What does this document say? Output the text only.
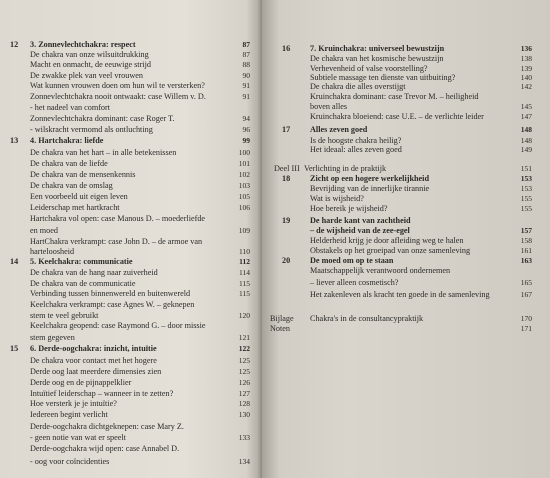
12 3. Zonnevlechtchakra: respect	87
De chakra van onze wilsuitdrukking	87
Macht en onmacht, de eeuwige strijd	88
De zwakke plek van veel vrouwen	90
Wat kunnen vrouwen doen om hun wil te versterken?	91
Zonnevlechtchakra nooit ontwaakt: case Willem v. D.	91
- het nadeel van comfort
Zonnevlechtchakra dominant: case Roger T.	94
- wilskracht vermomd als ontluchting	96
13 4. Hartchakra: liefde	99
De chakra van het hart – in alle betekenissen	100
De chakra van de liefde	101
De chakra van de mensenkennis	102
De chakra van de omslag	103
Een voorbeeld uit eigen leven	105
Leiderschap met hartkracht	106
Hartchakra vol open: case Manous D. – moederliefde
en moed	109
HartChakra verkrampt: case John D. – de armoe van
harteloosheid	110
14 5. Keelchakra: communicatie	112
De chakra van de hang naar zuiverheid	114
De chakra van de communicatie	115
Verbinding tussen binnenwereld en buitenwereld	115
Keelchakra verkrampt: case Agnes W. – geknepen
stem te veel gebruikt	120
Keelchakra geopend: case Raymond G. – door missie
stem gegeven	121
15 6. Derde-oogchakra: inzicht, intuïtie	122
De chakra voor contact met het hogere	125
Derde oog laat meerdere dimensies zien	125
Derde oog en de pijnappelklier	126
Intuïtief leiderschap – wanneer in te zetten?	127
Hoe versterk je je intuïtie?	128
Iedereen begint verlicht	130
Derde-oogchakra dichtgeknepen: case Mary Z.
- geen notie van wat er speelt	133
Derde-oogchakra wijd open: case Annabel D.
- oog voor coïncidenties	134
16 7. Kruinchakra: universeel bewustzijn	136
De chakra van het kosmische bewustzijn	138
Verhevenheid of valse voorstelling?	139
Subtiele massage ten dienste van uitbuiting?	140
De chakra die alles overstijgt	142
Kruinchakra dominant: case Trevor M. – heiligheid
boven alles	145
Kruinchakra bloeiend: case U.E. – de verlichte leider	147
17 Alles zeven goed	148
Is de hoogste chakra heilig?	148
Het ideaal: alles zeven goed	149
Deel III Verlichting in de praktijk	151
18 Zicht op een hogere werkelijkheid	153
Bevrijding van de innerlijke tirannie	153
Wat is wijsheid?	155
Hoe bereik je wijsheid?	155
19 De harde kant van zachtheid
– de wijsheid van de zee-egel	157
Helderheid krijg je door afleiding weg te halen	158
Obstakels op het groeipad van onze samenleving	161
20 De moed om op te staan	163
Maatschappelijk verantwoord ondernemen
– liever alleen cosmetisch?	165
Het zakenleven als kracht ten goede in de samenleving	167
Bijlage Chakra's in de consultancypraktijk	170
Noten	171
